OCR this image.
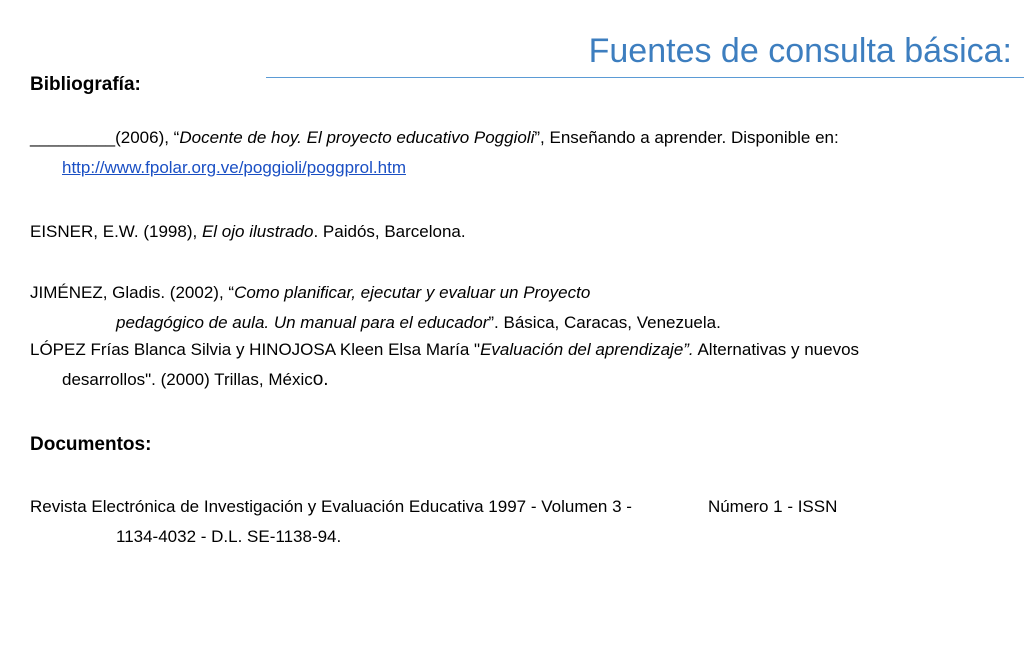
Fuentes de consulta básica:
Bibliografía:

_________(2006), “Docente de hoy. El proyecto educativo Poggioli”, Enseñando a aprender. Disponible en:
http://www.fpolar.org.ve/poggioli/poggprol.htm

EISNER, E.W. (1998), El ojo ilustrado. Paidós, Barcelona.

JIMÉNEZ, Gladis. (2002), “Como planificar, ejecutar y evaluar un Proyecto
pedagógico de aula. Un manual para el educador”. Básica, Caracas, Venezuela.

LÓPEZ Frías Blanca Silvia y HINOJOSA Kleen Elsa María "Evaluación del aprendizaje”. Alternativas y nuevos
desarrollos". (2000) Trillas, México.

Documentos:

Revista Electrónica de Investigación y Evaluación Educativa 1997 - Volumen 3 -	Número 1 - ISSN
1134-4032 - D.L. SE-1138-94.
